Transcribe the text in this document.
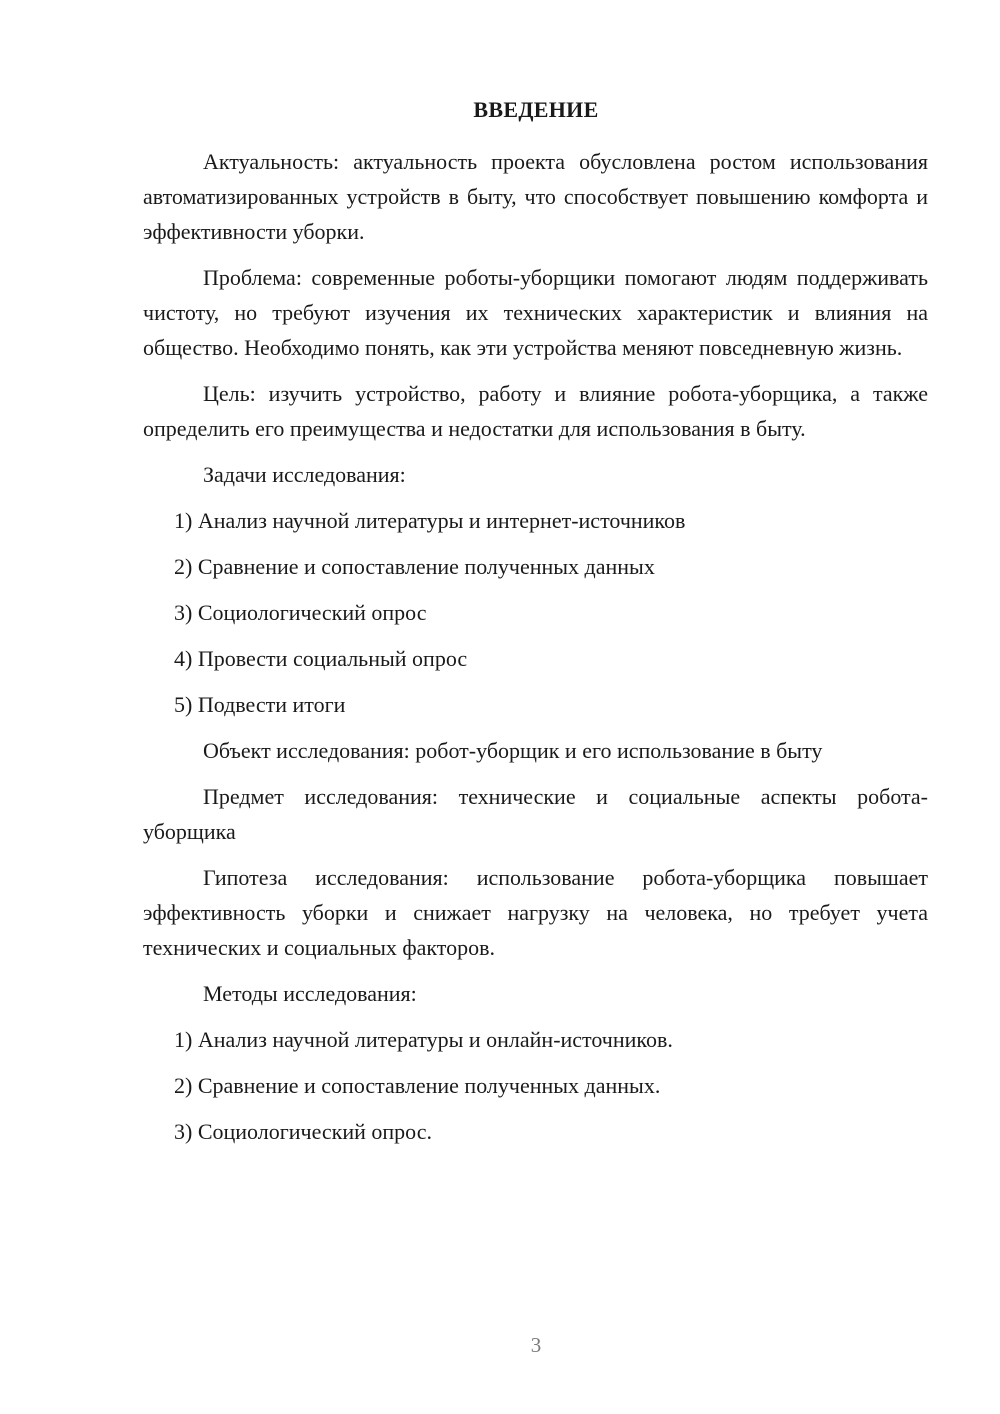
ВВЕДЕНИЕ

Актуальность: актуальность проекта обусловлена ростом использования автоматизированных устройств в быту, что способствует повышению комфорта и эффективности уборки.

Проблема: современные роботы-уборщики помогают людям поддерживать чистоту, но требуют изучения их технических характеристик и влияния на общество. Необходимо понять, как эти устройства меняют повседневную жизнь.

Цель: изучить устройство, работу и влияние робота-уборщика, а также определить его преимущества и недостатки для использования в быту.

Задачи исследования:

1) Анализ научной литературы и интернет-источников

2) Сравнение и сопоставление полученных данных

3) Социологический опрос

4) Провести социальный опрос

5) Подвести итоги

Объект исследования: робот-уборщик и его использование в быту

Предмет исследования: технические и социальные аспекты робота-уборщика

Гипотеза исследования: использование робота-уборщика повышает эффективность уборки и снижает нагрузку на человека, но требует учета технических и социальных факторов.

Методы исследования:

1) Анализ научной литературы и онлайн-источников.

2) Сравнение и сопоставление полученных данных.

3) Социологический опрос.

3
